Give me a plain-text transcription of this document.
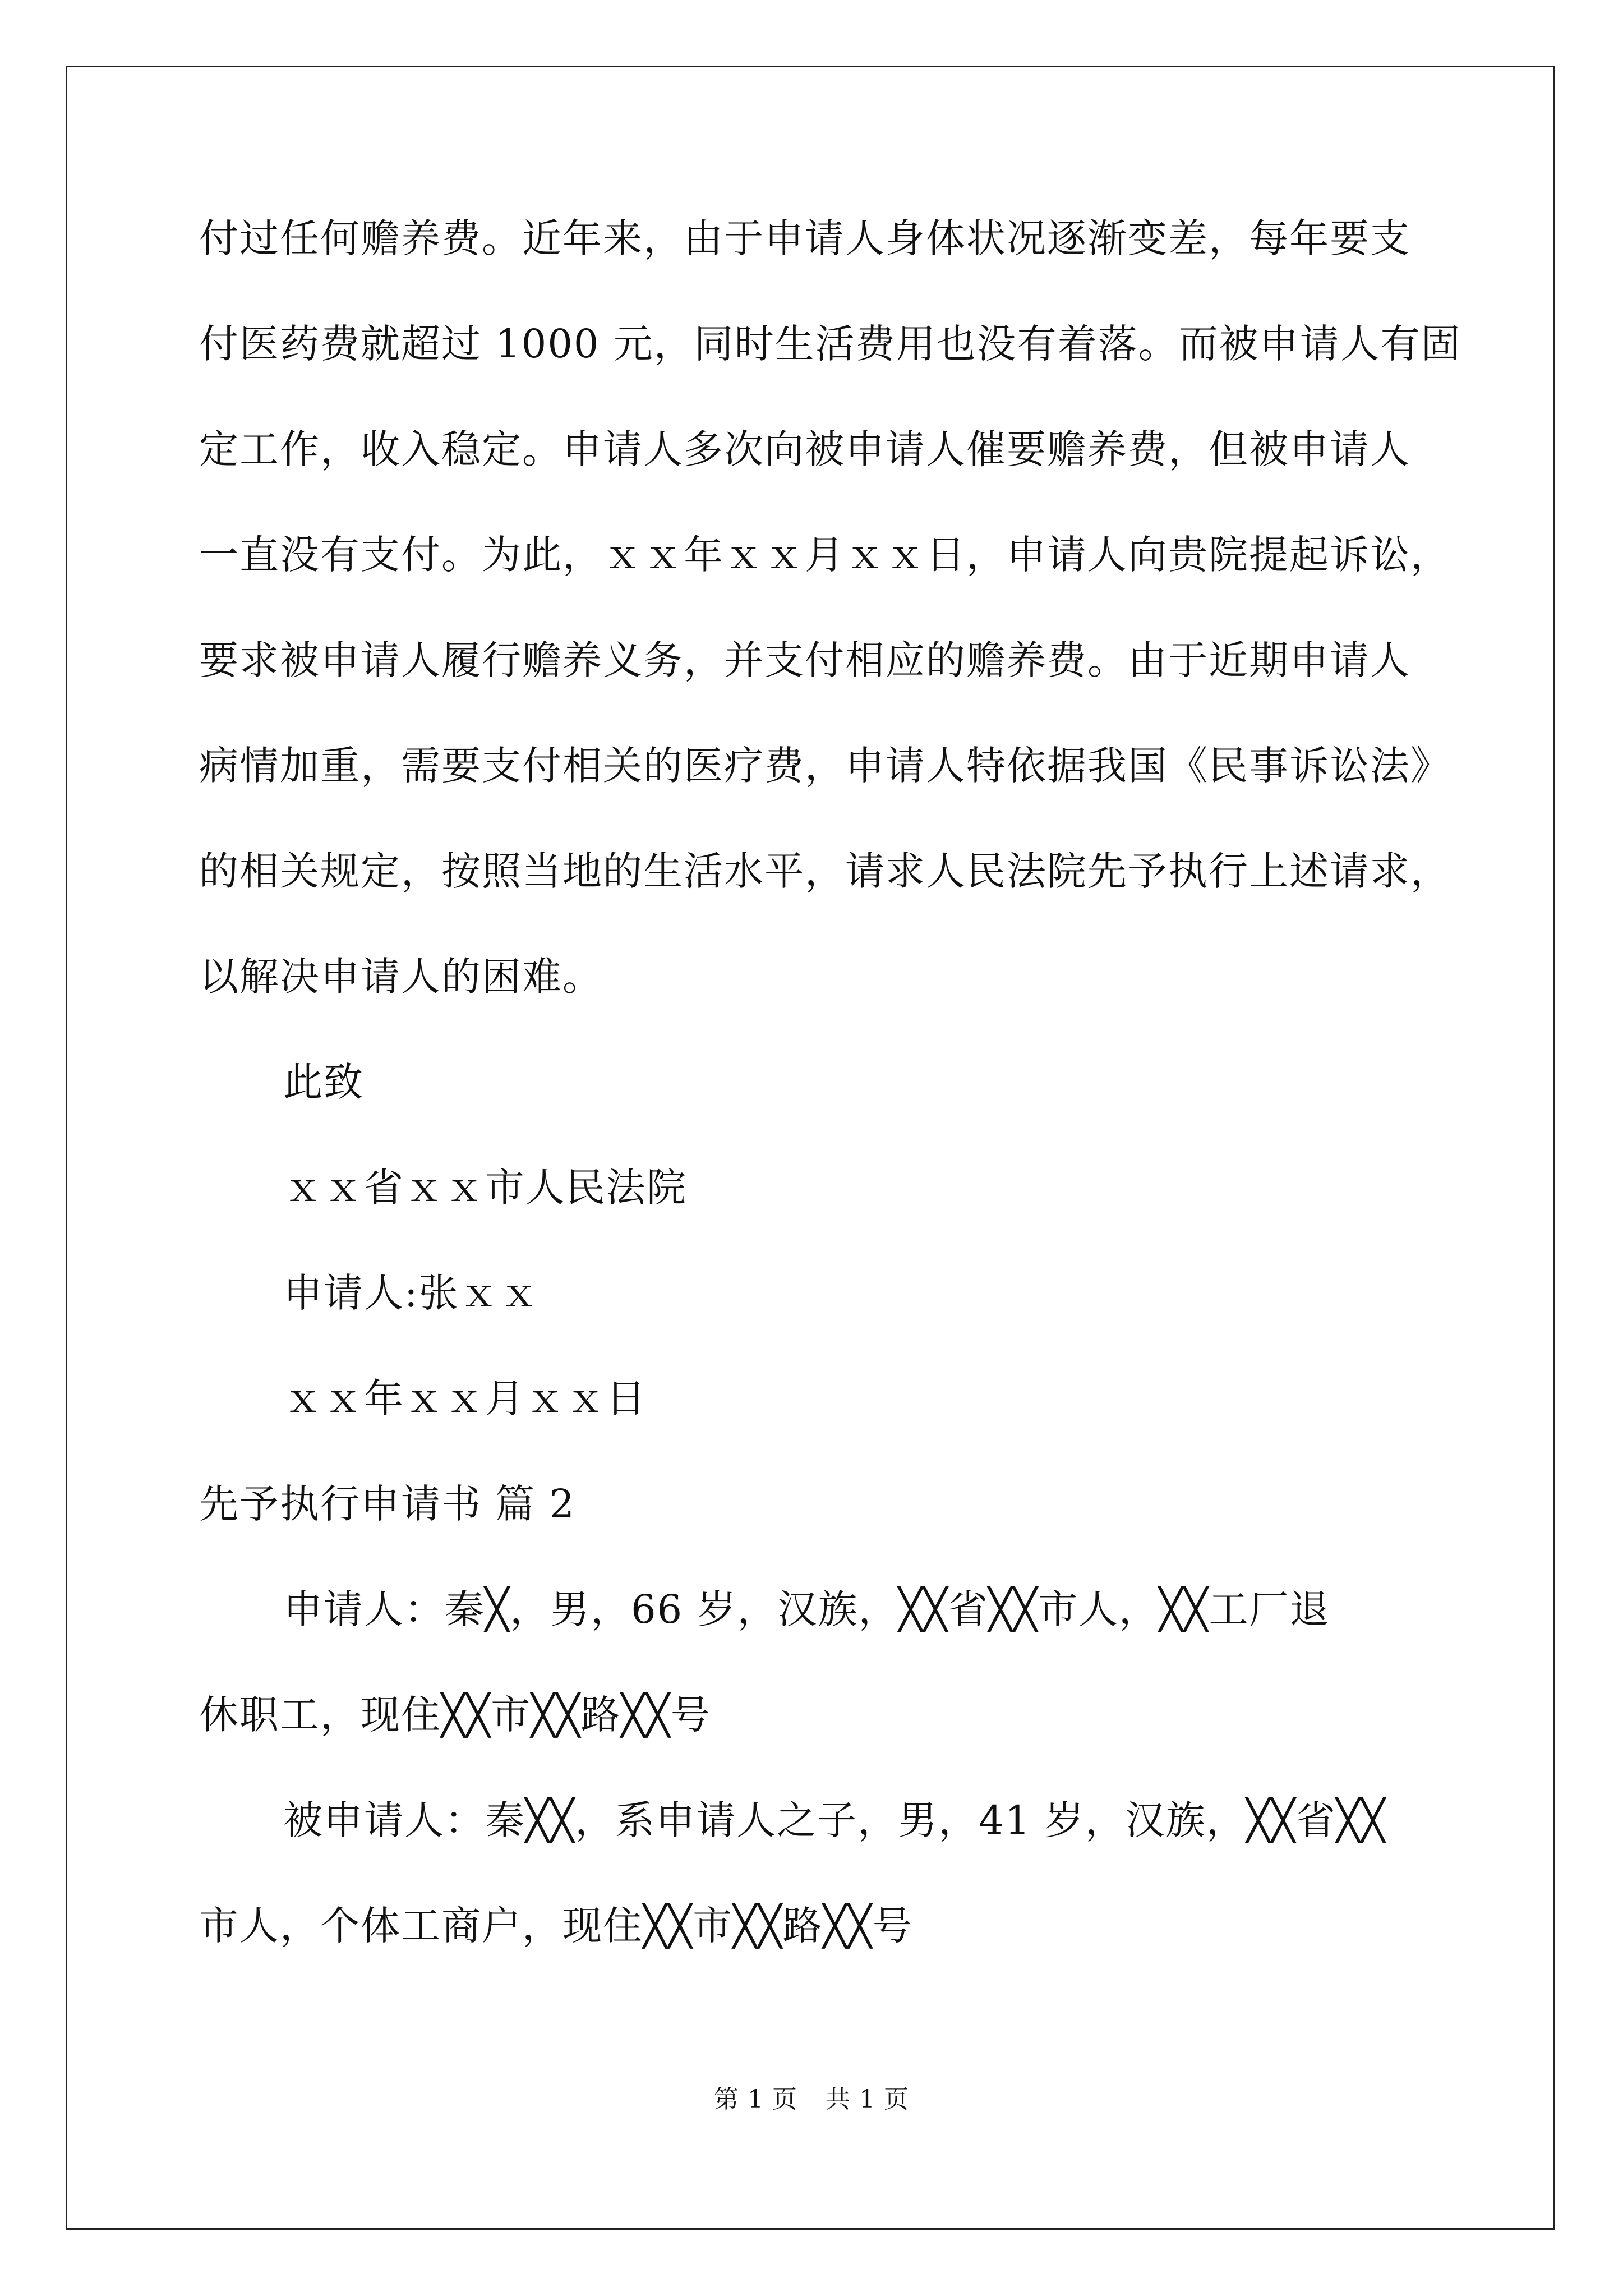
付过任何赡养费。近年来，由于申请人身体状况逐渐变差，每年要支

付医药费就超过 1000 元，同时生活费用也没有着落。而被申请人有固

定工作，收入稳定。申请人多次向被申请人催要赡养费，但被申请人

一直没有支付。为此，ｘｘ年ｘｘ月ｘｘ日，申请人向贵院提起诉讼，

要求被申请人履行赡养义务，并支付相应的赡养费。由于近期申请人

病情加重，需要支付相关的医疗费，申请人特依据我国《民事诉讼法》

的相关规定，按照当地的生活水平，请求人民法院先予执行上述请求，

以解决申请人的困难。

此致

ｘｘ省ｘｘ市人民法院

申请人:张ｘｘ

ｘｘ年ｘｘ月ｘｘ日

先予执行申请书 篇 2

申请人：秦╳，男，66 岁，汉族，╳╳省╳╳市人，╳╳工厂退

休职工，现住╳╳市╳╳路╳╳号

被申请人：秦╳╳，系申请人之子，男，41 岁，汉族，╳╳省╳╳

市人，个体工商户，现住╳╳市╳╳路╳╳号

第 1 页 共 1 页
